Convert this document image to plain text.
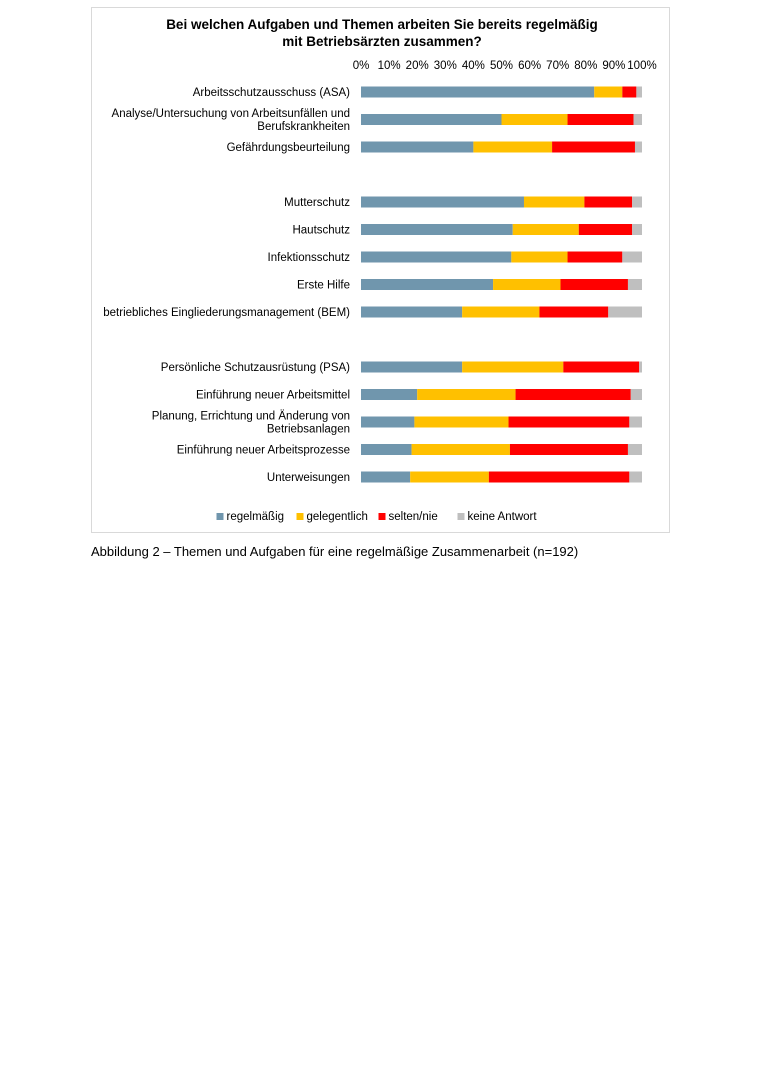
Bei welchen Aufgaben und Themen arbeiten Sie bereits regelmäßig
mit Betriebsärzten zusammen?
0% 10% 20% 30% 40% 50% 60% 70% 80% 90% 100%
Arbeitsschutzausschuss (ASA)
Analyse/Untersuchung von Arbeitsunfällen und
Berufskrankheiten
Gefährdungsbeurteilung
Mutterschutz
Hautschutz
Infektionsschutz
Erste Hilfe
betriebliches Eingliederungsmanagement (BEM)
Persönliche Schutzausrüstung (PSA)
Einführung neuer Arbeitsmittel
Planung, Errichtung und Änderung von
Betriebsanlagen
Einführung neuer Arbeitsprozesse
Unterweisungen
regelmäßig gelegentlich selten/nie	keine Antwort
Abbildung 2 – Themen und Aufgaben für eine regelmäßige Zusammenarbeit (n=192)
